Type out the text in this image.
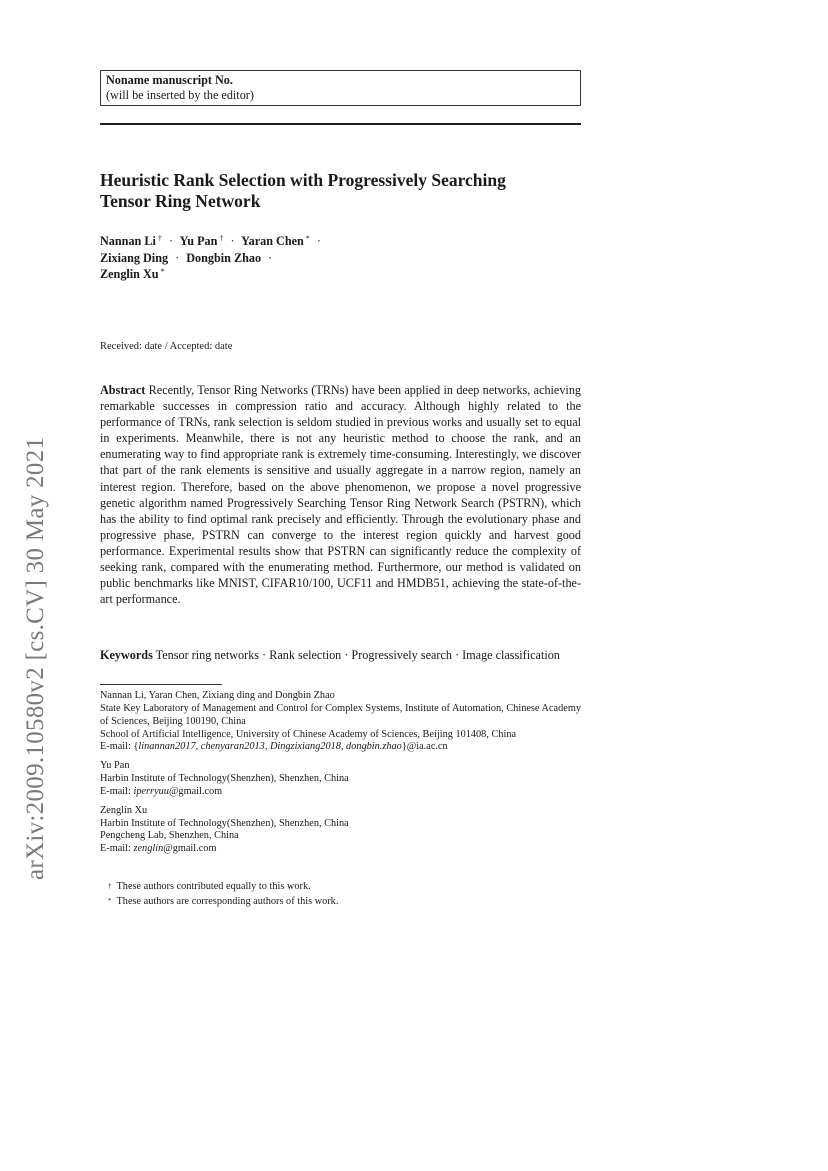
Noname manuscript No.
(will be inserted by the editor)
Heuristic Rank Selection with Progressively Searching
Tensor Ring Network
Nannan Li † · Yu Pan † · Yaran Chen * ·
Zixiang Ding · Dongbin Zhao ·
Zenglin Xu *
Received: date / Accepted: date
Abstract Recently, Tensor Ring Networks (TRNs) have been applied in deep networks, achieving remarkable successes in compression ratio and accuracy. Although highly related to the performance of TRNs, rank selection is seldom studied in previous works and usually set to equal in experiments. Meanwhile, there is not any heuristic method to choose the rank, and an enumerating way to find appropriate rank is extremely time-consuming. Interestingly, we discover that part of the rank elements is sensitive and usually aggregate in a narrow region, namely an interest region. Therefore, based on the above phenomenon, we propose a novel progressive genetic algorithm named Progressively Searching Tensor Ring Network Search (PSTRN), which has the ability to find optimal rank precisely and efficiently. Through the evolutionary phase and progressive phase, PSTRN can converge to the interest region quickly and harvest good performance. Experimental results show that PSTRN can significantly reduce the complexity of seeking rank, compared with the enumerating method. Furthermore, our method is validated on public benchmarks like MNIST, CIFAR10/100, UCF11 and HMDB51, achieving the state-of-the-art performance.
Keywords Tensor ring networks · Rank selection · Progressively search · Image classification
Nannan Li, Yaran Chen, Zixiang ding and Dongbin Zhao
State Key Laboratory of Management and Control for Complex Systems, Institute of Automation, Chinese Academy of Sciences, Beijing 100190, China
School of Artificial Intelligence, University of Chinese Academy of Sciences, Beijing 101408, China
E-mail: {linannan2017, chenyaran2013, Dingzixiang2018, dongbin.zhao}@ia.ac.cn
Yu Pan
Harbin Institute of Technology(Shenzhen), Shenzhen, China
E-mail: iperryuu@gmail.com
Zenglin Xu
Harbin Institute of Technology(Shenzhen), Shenzhen, China
Pengcheng Lab, Shenzhen, China
E-mail: zenglin@gmail.com
† These authors contributed equally to this work.
* These authors are corresponding authors of this work.
arXiv:2009.10580v2 [cs.CV] 30 May 2021
